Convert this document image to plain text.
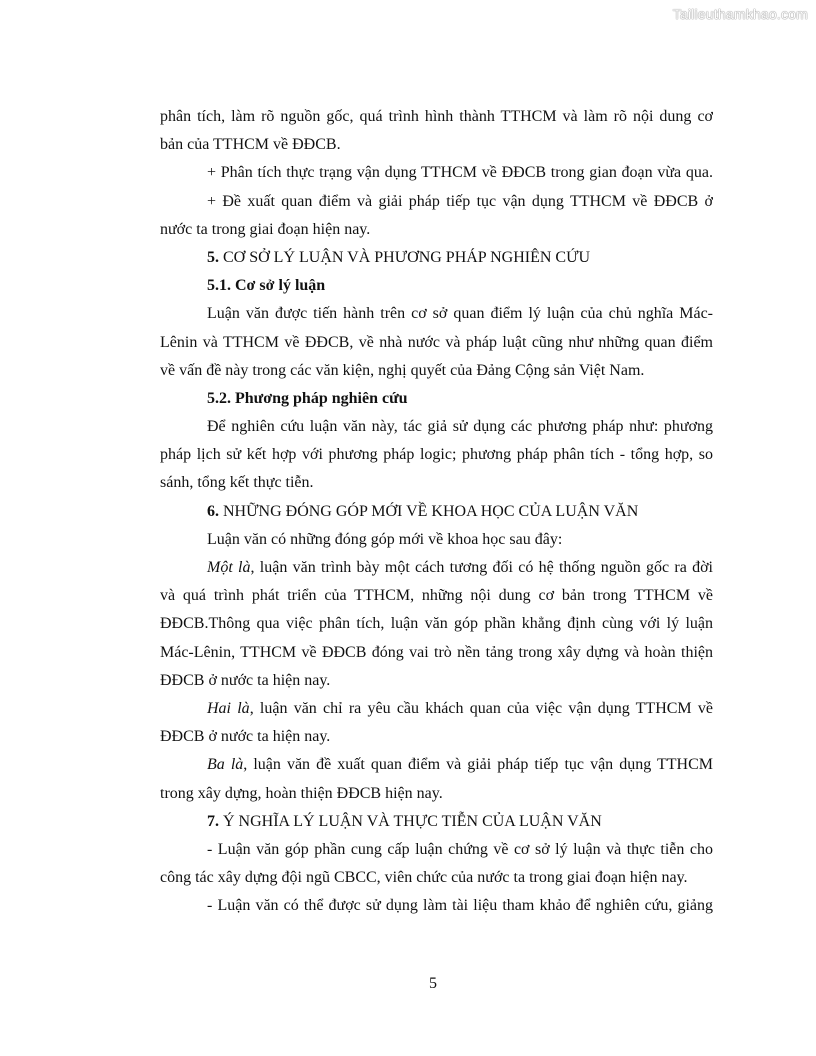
Tailieuthamkhao.com
phân tích, làm rõ nguồn gốc, quá trình hình thành TTHCM và làm rõ nội dung cơ
bản của TTHCM về ĐĐCB.
+ Phân tích thực trạng vận dụng TTHCM về ĐĐCB trong gian đoạn vừa qua.
+ Đề xuất quan điểm và giải pháp tiếp tục vận dụng TTHCM về ĐĐCB ở
nước ta trong giai đoạn hiện nay.
5. CƠ SỞ LÝ LUẬN VÀ PHƯƠNG PHÁP NGHIÊN CỨU
5.1. Cơ sở lý luận
Luận văn được tiến hành trên cơ sở quan điểm lý luận của chủ nghĩa Mác-
Lênin và TTHCM về ĐĐCB, về nhà nước và pháp luật cũng như những quan điểm
về vấn đề này trong các văn kiện, nghị quyết của Đảng Cộng sản Việt Nam.
5.2. Phương pháp nghiên cứu
Để nghiên cứu luận văn này, tác giả sử dụng các phương pháp như: phương
pháp lịch sử kết hợp với phương pháp logic; phương pháp phân tích - tổng hợp, so
sánh, tổng kết thực tiễn.
6. NHỮNG ĐÓNG GÓP MỚI VỀ KHOA HỌC CỦA LUẬN VĂN
Luận văn có những đóng góp mới về khoa học sau đây:
Một là, luận văn trình bày một cách tương đối có hệ thống nguồn gốc ra đời
và quá trình phát triển của TTHCM, những nội dung cơ bản trong TTHCM về
ĐĐCB.Thông qua việc phân tích, luận văn góp phần khẳng định cùng với lý luận
Mác-Lênin, TTHCM về ĐĐCB đóng vai trò nền tảng trong xây dựng và hoàn thiện
ĐĐCB ở nước ta hiện nay.
Hai là, luận văn chỉ ra yêu cầu khách quan của việc vận dụng TTHCM về
ĐĐCB ở nước ta hiện nay.
Ba là, luận văn đề xuất quan điểm và giải pháp tiếp tục vận dụng TTHCM
trong xây dựng, hoàn thiện ĐĐCB hiện nay.
7. Ý NGHĨA LÝ LUẬN VÀ THỰC TIỄN CỦA LUẬN VĂN
- Luận văn góp phần cung cấp luận chứng về cơ sở lý luận và thực tiễn cho
công tác xây dựng đội ngũ CBCC, viên chức của nước ta trong giai đoạn hiện nay.
- Luận văn có thể được sử dụng làm tài liệu tham khảo để nghiên cứu, giảng
5
